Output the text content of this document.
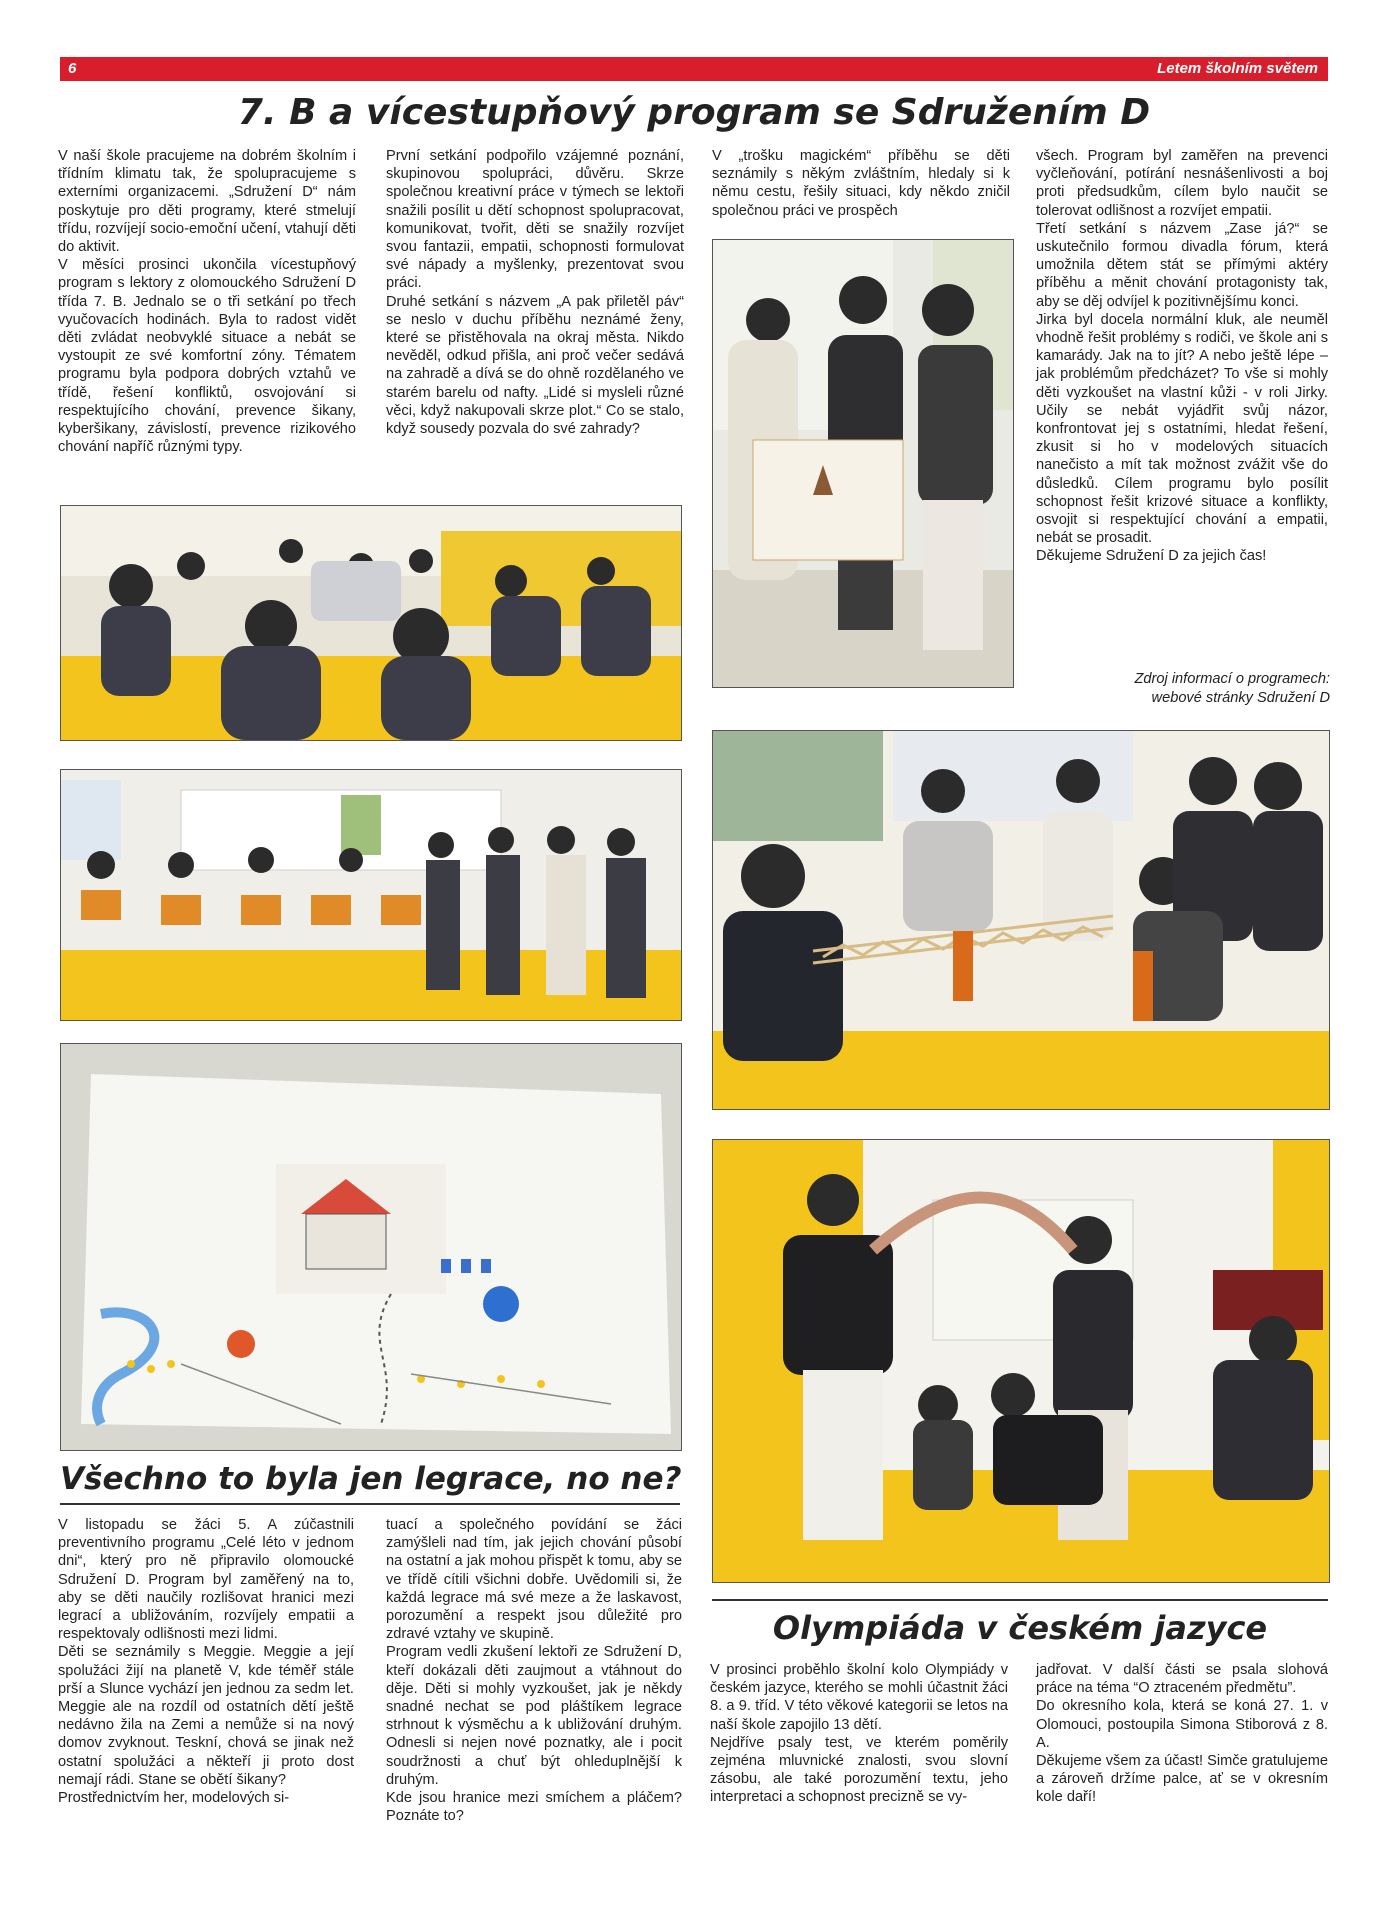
6	Letem školním světem
7. B a vícestupňový program se Sdružením D

V naší škole pracujeme na dobrém školním i třídním klimatu tak, že spolupracujeme s externími organizacemi. „Sdružení D“ nám poskytuje pro děti programy, které stmelují třídu, rozvíjejí socio-emoční učení, vtahují děti do aktivit.

V měsíci prosinci ukončila vícestupňový program s lektory z olomouckého Sdružení D třída 7. B. Jednalo se o tři setkání po třech vyučovacích hodinách. Byla to radost vidět děti zvládat neobvyklé situace a nebát se vystoupit ze své komfortní zóny. Tématem programu byla podpora dobrých vztahů ve třídě, řešení konfliktů, osvojování si respektujícího chování, prevence šikany, kyberšikany, závislostí, prevence rizikového chování napříč různými typy.

První setkání podpořilo vzájemné poznání, skupinovou spolupráci, důvěru. Skrze společnou kreativní práce v týmech se lektoři snažili posílit u dětí schopnost spolupracovat, komunikovat, tvořit, děti se snažily rozvíjet svou fantazii, empatii, schopnosti formulovat své nápady a myšlenky, prezentovat svou práci.

Druhé setkání s názvem „A pak přiletěl páv“ se neslo v duchu příběhu neznámé ženy, které se přistěhovala na okraj města. Nikdo nevěděl, odkud přišla, ani proč večer sedává na zahradě a dívá se do ohně rozdělaného ve starém barelu od nafty. „Lidé si mysleli různé věci, když nakupovali skrze plot.“ Co se stalo, když sousedy pozvala do své zahrady?

V „trošku magickém“ příběhu se děti seznámily s někým zvláštním, hledaly si k němu cestu, řešily situaci, kdy někdo zničil společnou práci ve prospěch

všech. Program byl zaměřen na prevenci vyčleňování, potírání nesnášenlivosti a boj proti předsudkům, cílem bylo naučit se tolerovat odlišnost a rozvíjet empatii.

Třetí setkání s názvem „Zase já?“ se uskutečnilo formou divadla fórum, která umožnila dětem stát se přímými aktéry příběhu a měnit chování protagonisty tak, aby se děj odvíjel k pozitivnějšímu konci.

Jirka byl docela normální kluk, ale neuměl vhodně řešit problémy s rodiči, ve škole ani s kamarády. Jak na to jít? A nebo ještě lépe – jak problémům předcházet? To vše si mohly děti vyzkoušet na vlastní kůži - v roli Jirky. Učily se nebát vyjádřit svůj názor, konfrontovat jej s ostatními, hledat řešení, zkusit si ho v modelových situacích nanečisto a mít tak možnost zvážit vše do důsledků. Cílem programu bylo posílit schopnost řešit krizové situace a konflikty, osvojit si respektující chování a empatii, nebát se prosadit.

Děkujeme Sdružení D za jejich čas!

Zdroj informací o programech:
webové stránky Sdružení D
Všechno to byla jen legrace, no ne?

V listopadu se žáci 5. A zúčastnili preventivního programu „Celé léto v jednom dni“, který pro ně připravilo olomoucké Sdružení D. Program byl zaměřený na to, aby se děti naučily rozlišovat hranici mezi legrací a ubližováním, rozvíjely empatii a respektovaly odlišnosti mezi lidmi.

Děti se seznámily s Meggie. Meggie a její spolužáci žijí na planetě V, kde téměř stále prší a Slunce vychází jen jednou za sedm let. Meggie ale na rozdíl od ostatních dětí ještě nedávno žila na Zemi a nemůže si na nový domov zvyknout. Teskní, chová se jinak než ostatní spolužáci a někteří ji proto dost nemají rádi. Stane se obětí šikany?

Prostřednictvím her, modelových si-

tuací a společného povídání se žáci zamýšleli nad tím, jak jejich chování působí na ostatní a jak mohou přispět k tomu, aby se ve třídě cítili všichni dobře. Uvědomili si, že každá legrace má své meze a že laskavost, porozumění a respekt jsou důležité pro zdravé vztahy ve skupině.

Program vedli zkušení lektoři ze Sdružení D, kteří dokázali děti zaujmout a vtáhnout do děje. Děti si mohly vyzkoušet, jak je někdy snadné nechat se pod pláštíkem legrace strhnout k výsměchu a k ubližování druhým. Odnesli si nejen nové poznatky, ale i pocit soudržnosti a chuť být ohleduplnější k druhým.

Kde jsou hranice mezi smíchem a pláčem? Poznáte to?

Olympiáda v českém jazyce

V prosinci proběhlo školní kolo Olympiády v českém jazyce, kterého se mohli účastnit žáci 8. a 9. tříd. V této věkové kategorii se letos na naší škole zapojilo 13 dětí.

Nejdříve psaly test, ve kterém poměrily zejména mluvnické znalosti, svou slovní zásobu, ale také porozumění textu, jeho interpretaci a schopnost precizně se vy-

jadřovat. V další části se psala slohová práce na téma “O ztraceném předmětu”.

Do okresního kola, která se koná 27. 1. v Olomouci, postoupila Simona Stiborová z 8. A.

Děkujeme všem za účast! Simče gratulujeme a zároveň držíme palce, ať se v okresním kole daří!
